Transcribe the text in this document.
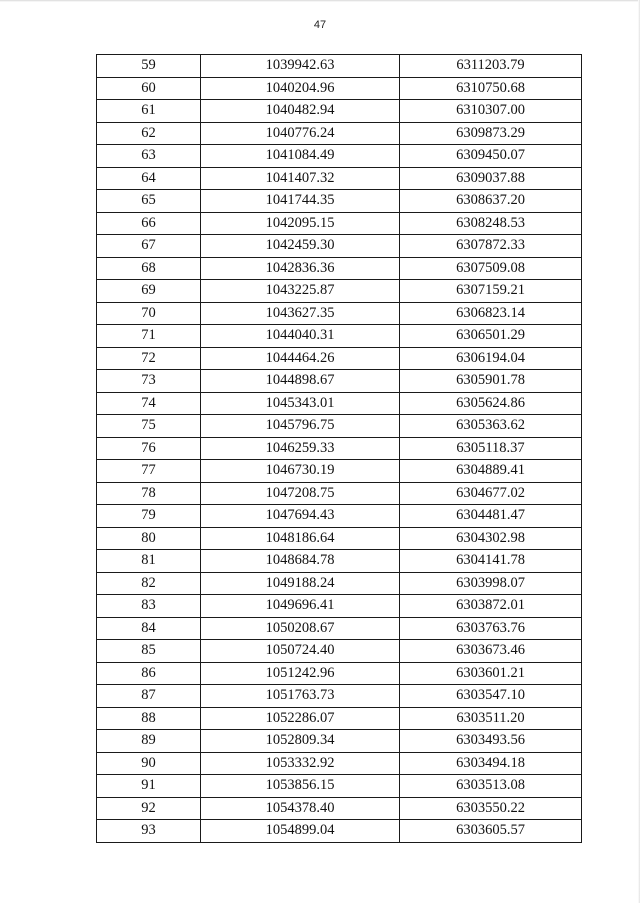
47
59	1039942.63	6311203.79
60	1040204.96	6310750.68
61	1040482.94	6310307.00
62	1040776.24	6309873.29
63	1041084.49	6309450.07
64	1041407.32	6309037.88
65	1041744.35	6308637.20
66	1042095.15	6308248.53
67	1042459.30	6307872.33
68	1042836.36	6307509.08
69	1043225.87	6307159.21
70	1043627.35	6306823.14
71	1044040.31	6306501.29
72	1044464.26	6306194.04
73	1044898.67	6305901.78
74	1045343.01	6305624.86
75	1045796.75	6305363.62
76	1046259.33	6305118.37
77	1046730.19	6304889.41
78	1047208.75	6304677.02
79	1047694.43	6304481.47
80	1048186.64	6304302.98
81	1048684.78	6304141.78
82	1049188.24	6303998.07
83	1049696.41	6303872.01
84	1050208.67	6303763.76
85	1050724.40	6303673.46
86	1051242.96	6303601.21
87	1051763.73	6303547.10
88	1052286.07	6303511.20
89	1052809.34	6303493.56
90	1053332.92	6303494.18
91	1053856.15	6303513.08
92	1054378.40	6303550.22
93	1054899.04	6303605.57
